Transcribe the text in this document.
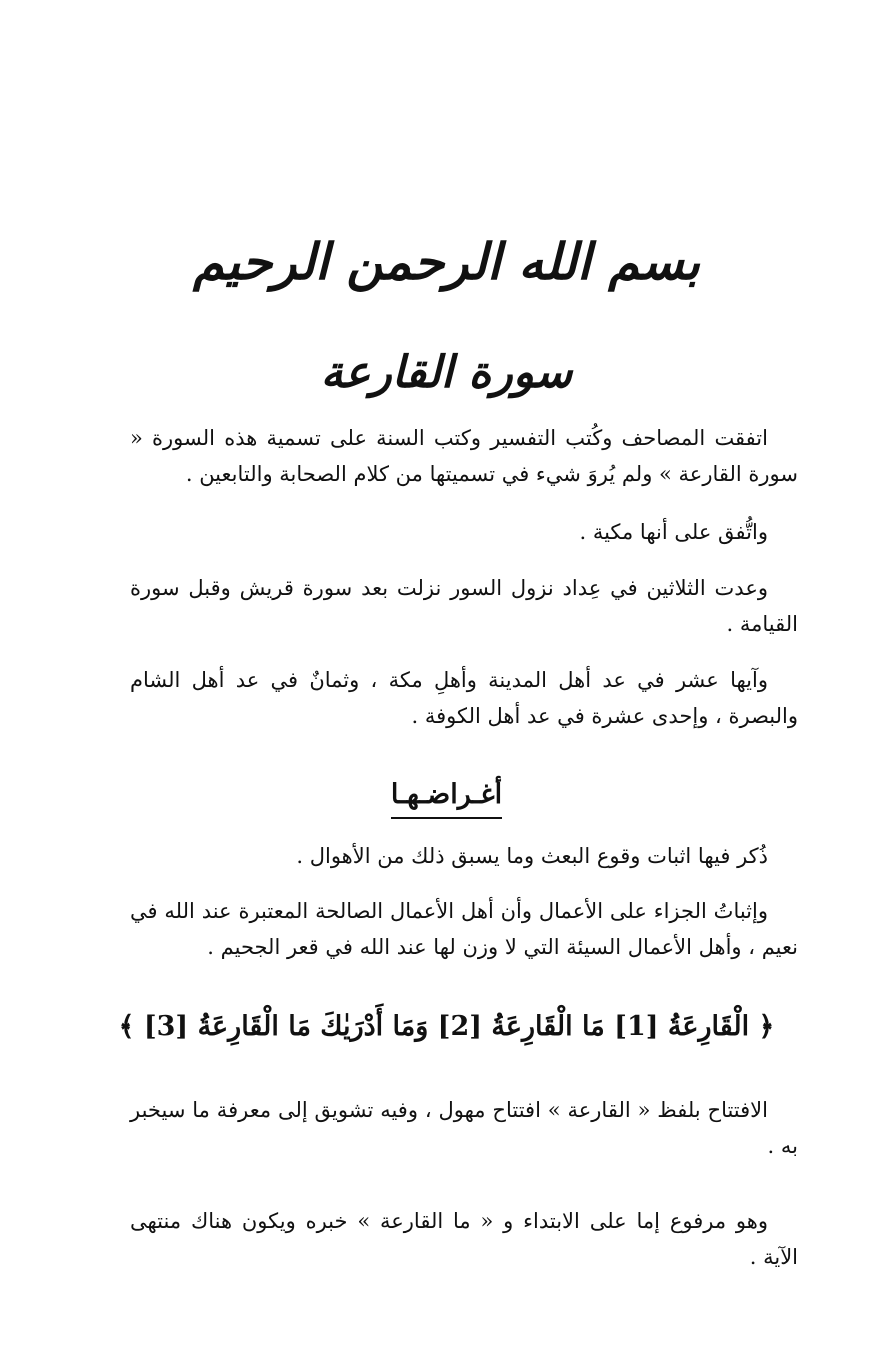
بسم الله الرحمن الرحيم
سورة القارعة

اتفقت المصاحف وكُتب التفسير وكتب السنة على تسمية هذه السورة « سورة القارعة » ولم يُروَ شيء في تسميتها من كلام الصحابة والتابعين .

واتُّفق على أنها مكية .

وعدت الثلاثين في عِداد نزول السور نزلت بعد سورة قريش وقبل سورة القيامة .

وآيها عشر في عد أهل المدينة وأهلِ مكة ، وثمانٌ في عد أهل الشام والبصرة ، وإحدى عشرة في عد أهل الكوفة .

أغـراضـهـا

ذُكر فيها اثبات وقوع البعث وما يسبق ذلك من الأهوال .

وإثباتُ الجزاء على الأعمال وأن أهل الأعمال الصالحة المعتبرة عند الله في نعيم ، وأهل الأعمال السيئة التي لا وزن لها عند الله في قعر الجحيم .

﴿ الْقَارِعَةُ [1] مَا الْقَارِعَةُ [2] وَمَا أَدْرَيٰكَ مَا الْقَارِعَةُ [3] ﴾

الافتتاح بلفظ « القارعة » افتتاح مهول ، وفيه تشويق إلى معرفة ما سيخبر به .

وهو مرفوع إما على الابتداء و « ما القارعة » خبره ويكون هناك منتهى الآية .
